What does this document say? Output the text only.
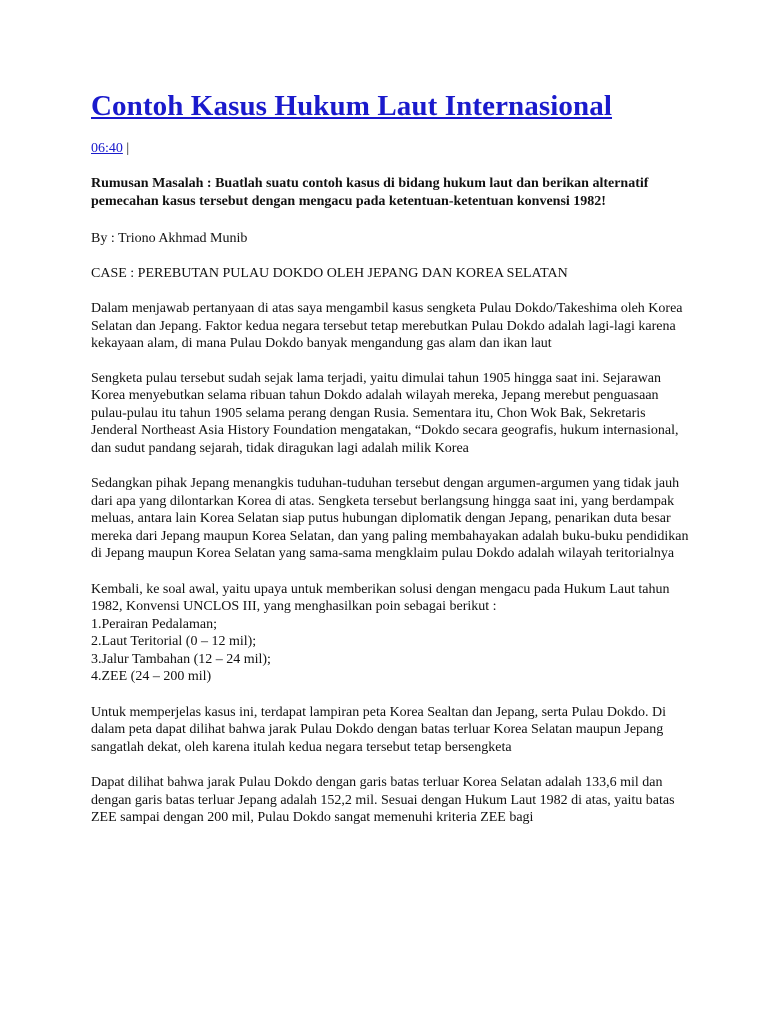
Contoh Kasus Hukum Laut Internasional
06:40 |

Rumusan Masalah : Buatlah suatu contoh kasus di bidang hukum laut dan berikan alternatif pemecahan kasus tersebut dengan mengacu pada ketentuan-ketentuan konvensi 1982!

By : Triono Akhmad Munib

CASE : PEREBUTAN PULAU DOKDO OLEH JEPANG DAN KOREA SELATAN

Dalam menjawab pertanyaan di atas saya mengambil kasus sengketa Pulau Dokdo/Takeshima oleh Korea Selatan dan Jepang. Faktor kedua negara tersebut tetap merebutkan Pulau Dokdo adalah lagi-lagi karena kekayaan alam, di mana Pulau Dokdo banyak mengandung gas alam dan ikan laut

Sengketa pulau tersebut sudah sejak lama terjadi, yaitu dimulai tahun 1905 hingga saat ini. Sejarawan Korea menyebutkan selama ribuan tahun Dokdo adalah wilayah mereka, Jepang merebut penguasaan pulau-pulau itu tahun 1905 selama perang dengan Rusia. Sementara itu, Chon Wok Bak, Sekretaris Jenderal Northeast Asia History Foundation mengatakan, “Dokdo secara geografis, hukum internasional, dan sudut pandang sejarah, tidak diragukan lagi adalah milik Korea

Sedangkan pihak Jepang menangkis tuduhan-tuduhan tersebut dengan argumen-argumen yang tidak jauh dari apa yang dilontarkan Korea di atas. Sengketa tersebut berlangsung hingga saat ini, yang berdampak meluas, antara lain Korea Selatan siap putus hubungan diplomatik dengan Jepang, penarikan duta besar mereka dari Jepang maupun Korea Selatan, dan yang paling membahayakan adalah buku-buku pendidikan di Jepang maupun Korea Selatan yang sama-sama mengklaim pulau Dokdo adalah wilayah teritorialnya

Kembali, ke soal awal, yaitu upaya untuk memberikan solusi dengan mengacu pada Hukum Laut tahun 1982, Konvensi UNCLOS III, yang menghasilkan poin sebagai berikut :

1.Perairan Pedalaman;

2.Laut Teritorial (0 – 12 mil);

3.Jalur Tambahan (12 – 24 mil);

4.ZEE (24 – 200 mil)

Untuk memperjelas kasus ini, terdapat lampiran peta Korea Sealtan dan Jepang, serta Pulau Dokdo. Di dalam peta dapat dilihat bahwa jarak Pulau Dokdo dengan batas terluar Korea Selatan maupun Jepang sangatlah dekat, oleh karena itulah kedua negara tersebut tetap bersengketa

Dapat dilihat bahwa jarak Pulau Dokdo dengan garis batas terluar Korea Selatan adalah 133,6 mil dan dengan garis batas terluar Jepang adalah 152,2 mil. Sesuai dengan Hukum Laut 1982 di atas, yaitu batas ZEE sampai dengan 200 mil, Pulau Dokdo sangat memenuhi kriteria ZEE bagi
